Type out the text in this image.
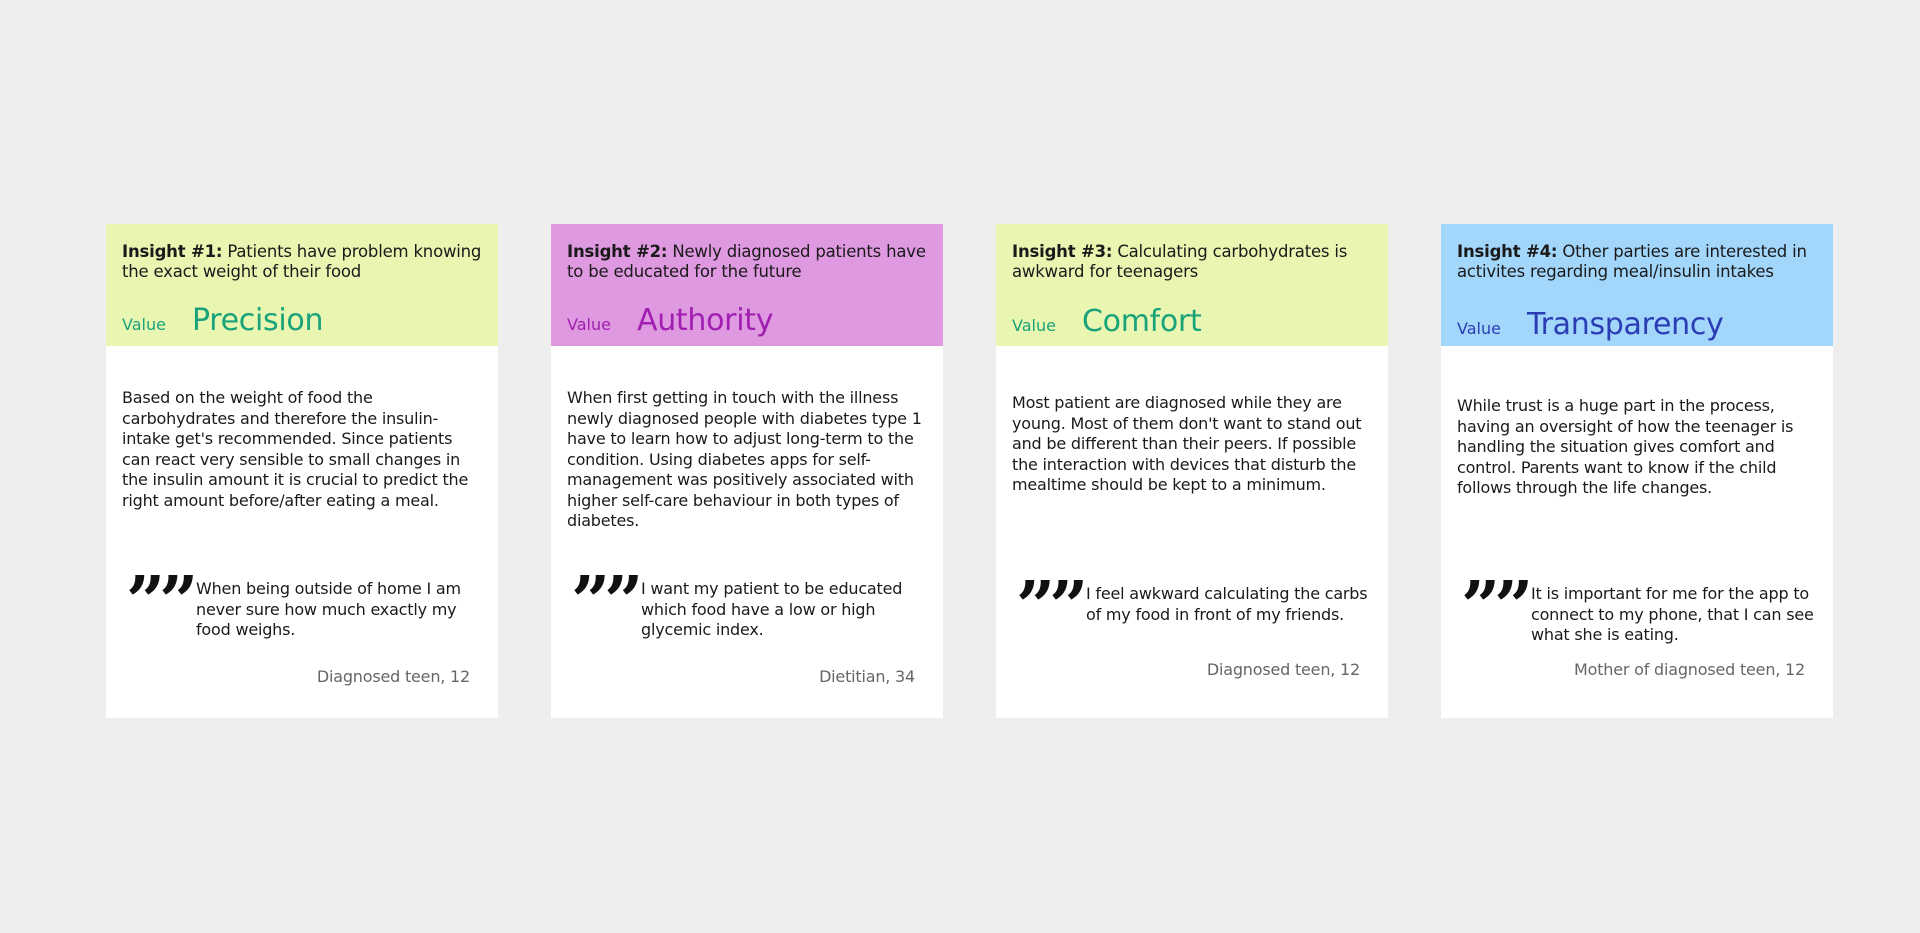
Insight #1: Patients have problem knowing the exact weight of their food

Value Precision

Based on the weight of food the carbohydrates and therefore the insulin-intake get's recommended. Since patients can react very sensible to small changes in the insulin amount it is crucial to predict the right amount before/after eating a meal.

”” When being outside of home I am never sure how much exactly my food weighs.

Diagnosed teen, 12

Insight #2: Newly diagnosed patients have to be educated for the future

Value Authority

When first getting in touch with the illness newly diagnosed people with diabetes type 1 have to learn how to adjust long-term to the condition. Using diabetes apps for self-management was positively associated with higher self-care behaviour in both types of diabetes.

”” I want my patient to be educated which food have a low or high glycemic index.

Dietitian, 34

Insight #3: Calculating carbohydrates is awkward for teenagers

Value Comfort

Most patient are diagnosed while they are young. Most of them don't want to stand out and be different than their peers. If possible the interaction with devices that disturb the mealtime should be kept to a minimum.

”” I feel awkward calculating the carbs of my food in front of my friends.

Diagnosed teen, 12

Insight #4: Other parties are interested in activites regarding meal/insulin intakes

Value Transparency

While trust is a huge part in the process, having an oversight of how the teenager is handling the situation gives comfort and control. Parents want to know if the child follows through the life changes.

”” It is important for me for the app to connect to my phone, that I can see what she is eating.

Mother of diagnosed teen, 12
